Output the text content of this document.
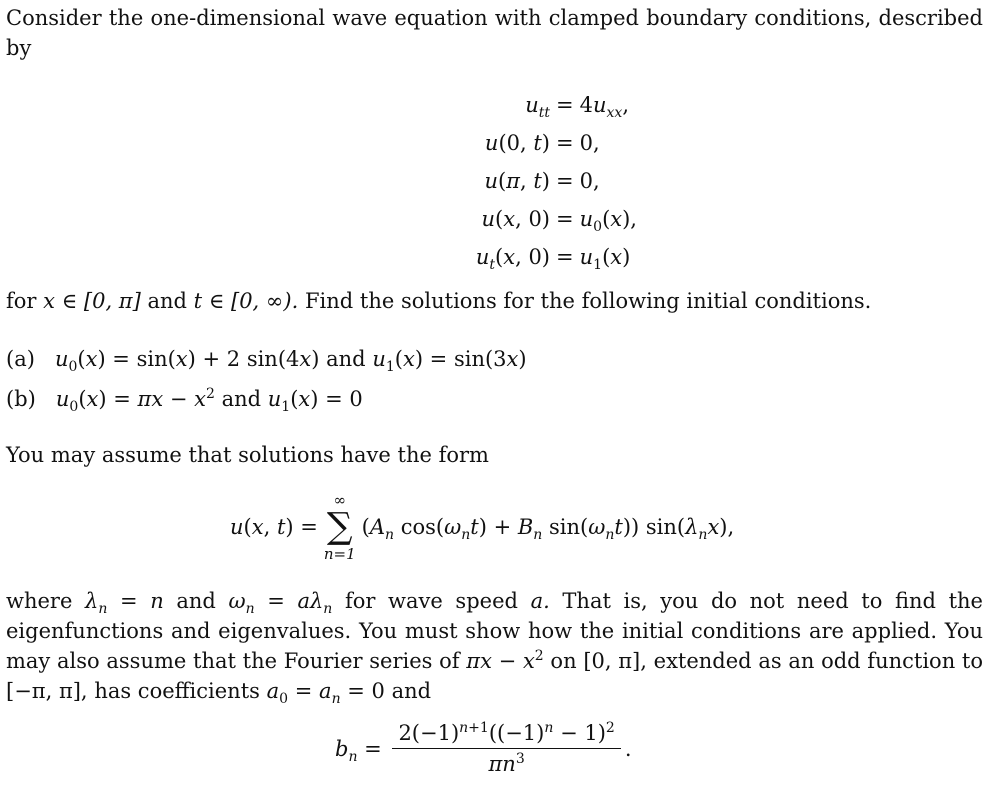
Consider the one-dimensional wave equation with clamped boundary conditions, described by

$u_{tt} = 4u_{xx}$,
u(0, t) = 0,
u(π, t) = 0,
u(x, $0) = u_0(x)$,
$u_t(x$, $0) = u_1(x)$

for x ∈ [0, π] and t ∈ [0, ∞). Find the solutions for the following initial conditions.

(a) $u_0(x) = \sin(x) + 2$ sin(4x) and $u_1(x) = \sin(3x)$
(b) $u_0(x) = \pi x - x^2$ and $u_1(x) = 0$

You may assume that solutions have the form

u(x, t) =
∞
∑
n=1
($A_n$ $\cos(\omega_nt) + B_n$ $\sin(\omega_nt)$) $\sin(\lambda_nx)$,

where $\lambda_n = n$ and $\omega_n = a\lambda_n$ for wave speed a. That is, you do not need to find the eigenfunctions and eigenvalues. You must show how the initial conditions are applied. You may also assume that the Fourier series of $\pi x - x^2$ on [0, π], extended as an odd function to [−π, π], has coefficients $a_0 = a_n = 0$ and

$b_n = \frac{2(-1)^{n+1}((-1)^n - 1)^2}{\pi n^3}$ .
